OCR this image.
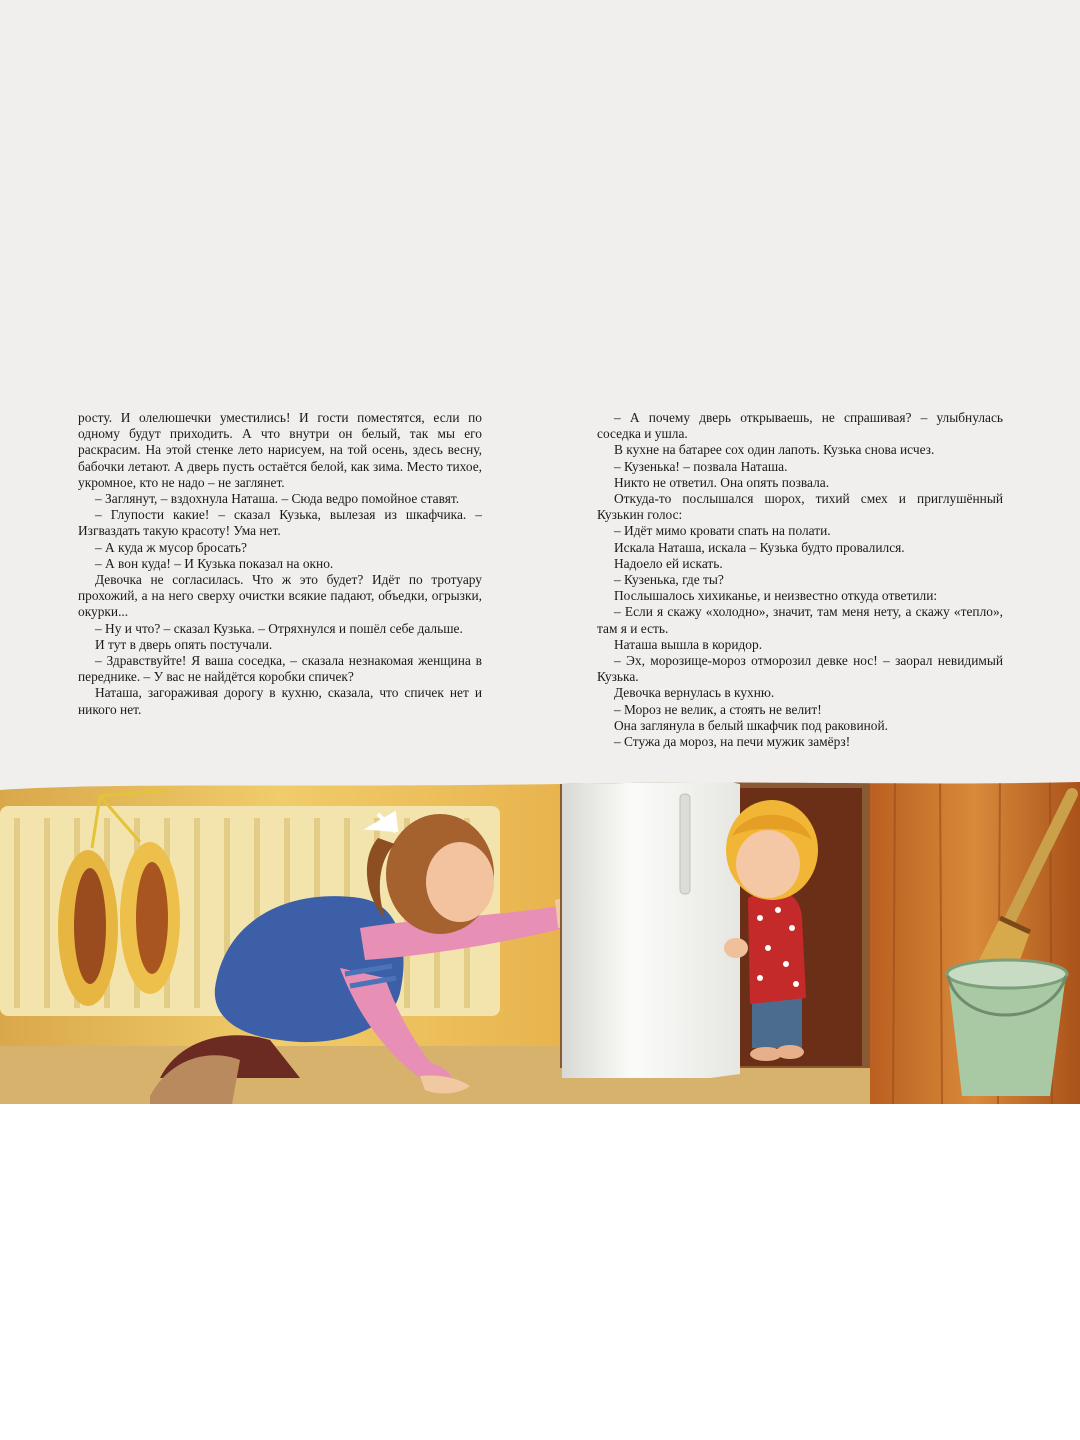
росту. И олелюшечки уместились! И гости поместятся, если по одному будут приходить. А что внутри он белый, так мы его раскрасим. На этой стенке лето нарисуем, на той осень, здесь весну, бабочки летают. А дверь пусть остаётся белой, как зима. Место тихое, укромное, кто не надо – не заглянет.

– Заглянут, – вздохнула Наташа. – Сюда ведро помойное ставят.

– Глупости какие! – сказал Кузька, вылезая из шкафчика. – Изгваздать такую красоту! Ума нет.

– А куда ж мусор бросать?

– А вон куда! – И Кузька показал на окно.

Девочка не согласилась. Что ж это будет? Идёт по тротуару прохожий, а на него сверху очистки всякие падают, объедки, огрызки, окурки...

– Ну и что? – сказал Кузька. – Отряхнулся и пошёл себе дальше.

И тут в дверь опять постучали.

– Здравствуйте! Я ваша соседка, – сказала незнакомая женщина в переднике. – У вас не найдётся коробки спичек?

Наташа, загораживая дорогу в кухню, сказала, что спичек нет и никого нет.

– А почему дверь открываешь, не спрашивая? – улыбнулась соседка и ушла.

В кухне на батарее сох один лапоть. Кузька снова исчез.

– Кузенька! – позвала Наташа.

Никто не ответил. Она опять позвала.

Откуда-то послышался шорох, тихий смех и приглушённый Кузькин голос:

– Идёт мимо кровати спать на полати.

Искала Наташа, искала – Кузька будто провалился.

Надоело ей искать.

– Кузенька, где ты?

Послышалось хихиканье, и неизвестно откуда ответили:

– Если я скажу «холодно», значит, там меня нету, а скажу «тепло», там я и есть.

Наташа вышла в коридор.

– Эх, морозище-мороз отморозил девке нос! – заорал невидимый Кузька.

Девочка вернулась в кухню.

– Мороз не велик, а стоять не велит!

Она заглянула в белый шкафчик под раковиной.

– Стужа да мороз, на печи мужик замёрз!
